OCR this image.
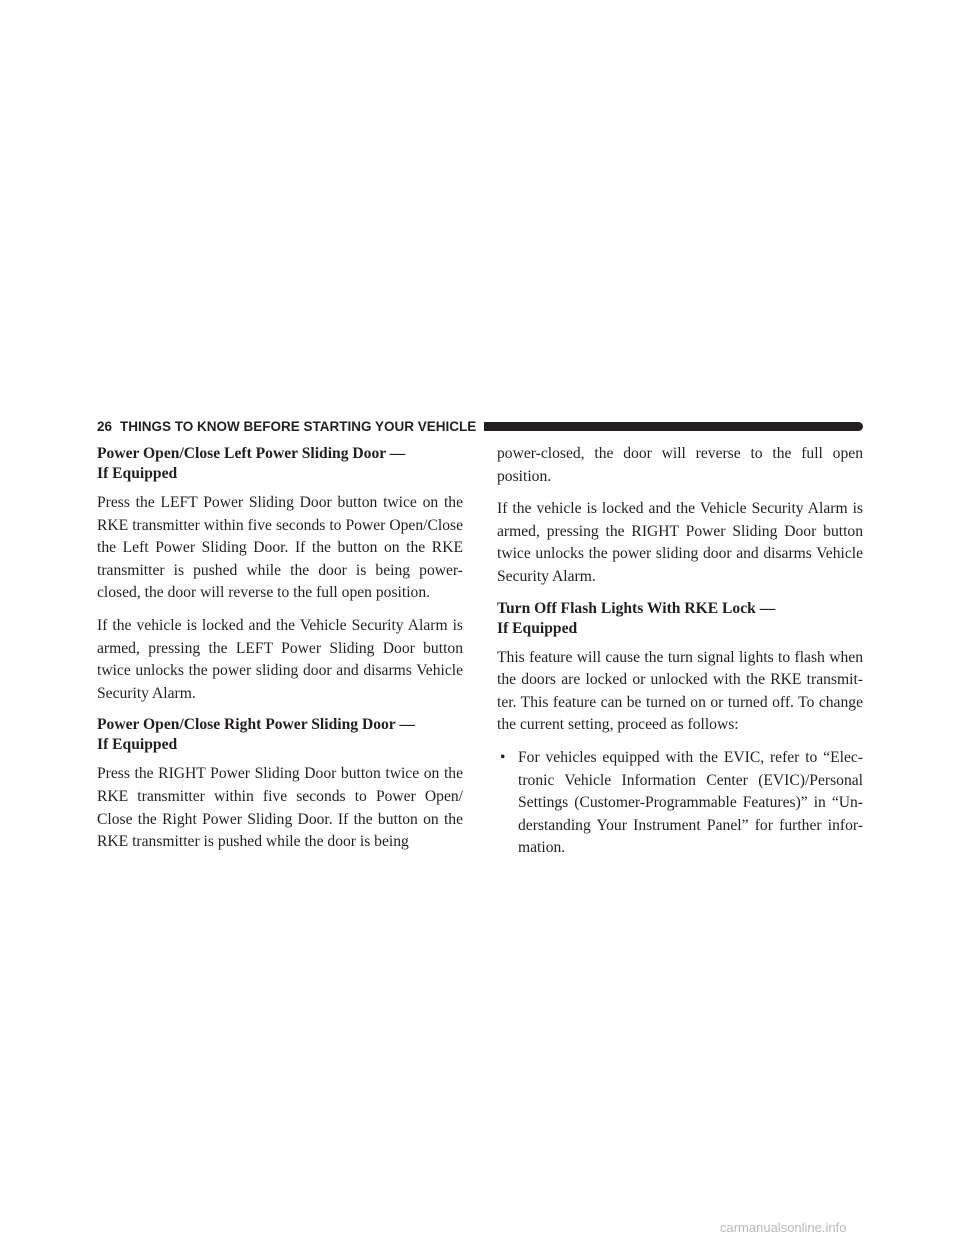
26 THINGS TO KNOW BEFORE STARTING YOUR VEHICLE
Power Open/Close Left Power Sliding Door —
If Equipped

Press the LEFT Power Sliding Door button twice on the RKE transmitter within five seconds to Power Open/Close the Left Power Sliding Door. If the button on the RKE transmitter is pushed while the door is being power-closed, the door will reverse to the full open position.

If the vehicle is locked and the Vehicle Security Alarm is armed, pressing the LEFT Power Sliding Door button twice unlocks the power sliding door and disarms Vehicle Security Alarm.

Power Open/Close Right Power Sliding Door —
If Equipped

Press the RIGHT Power Sliding Door button twice on the RKE transmitter within five seconds to Power Open/ Close the Right Power Sliding Door. If the button on the RKE transmitter is pushed while the door is being

power-closed, the door will reverse to the full open position.

If the vehicle is locked and the Vehicle Security Alarm is armed, pressing the RIGHT Power Sliding Door button twice unlocks the power sliding door and disarms Vehicle Security Alarm.

Turn Off Flash Lights With RKE Lock —
If Equipped

This feature will cause the turn signal lights to flash when the doors are locked or unlocked with the RKE transmit- ter. This feature can be turned on or turned off. To change the current setting, proceed as follows:

• For vehicles equipped with the EVIC, refer to “Elec- tronic Vehicle Information Center (EVIC)/Personal Settings (Customer-Programmable Features)” in “Un- derstanding Your Instrument Panel” for further infor- mation.
carmanualsonline.info
